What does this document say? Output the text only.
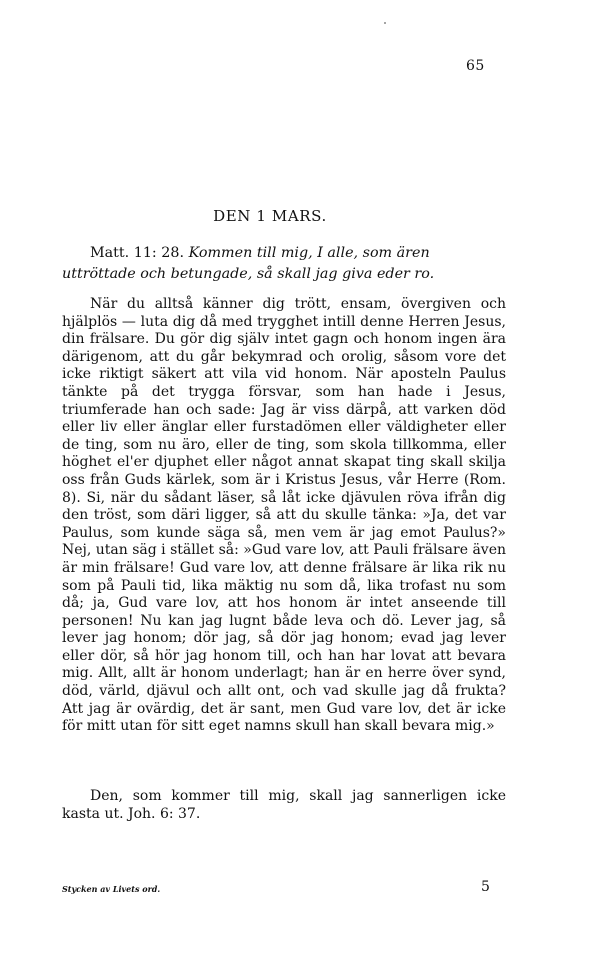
65
DEN 1 MARS.

Matt. 11: 28. Kommen till mig, I alle, som ären uttröttade och betungade, så skall jag giva eder ro.

När du alltså känner dig trött, ensam, övergiven och hjälplös — luta dig då med trygghet intill denne Herren Jesus, din frälsare. Du gör dig själv intet gagn och honom ingen ära därigenom, att du går bekymrad och orolig, såsom vore det icke riktigt säkert att vila vid honom. När aposteln Paulus tänkte på det trygga försvar, som han hade i Jesus, triumferade han och sade: Jag är viss därpå, att varken död eller liv eller änglar eller furstadömen eller väldigheter eller de ting, som nu äro, eller de ting, som skola tillkomma, eller höghet el'er djuphet eller något annat skapat ting skall skilja oss från Guds kärlek, som är i Kristus Jesus, vår Herre (Rom. 8). Si, när du sådant läser, så låt icke djävulen röva ifrån dig den tröst, som däri ligger, så att du skulle tänka: »Ja, det var Paulus, som kunde säga så, men vem är jag emot Paulus?» Nej, utan säg i stället så: »Gud vare lov, att Pauli frälsare även är min frälsare! Gud vare lov, att denne frälsare är lika rik nu som på Pauli tid, lika mäktig nu som då, lika trofast nu som då; ja, Gud vare lov, att hos honom är intet anseende till personen! Nu kan jag lugnt både leva och dö. Lever jag, så lever jag honom; dör jag, så dör jag honom; evad jag lever eller dör, så hör jag honom till, och han har lovat att bevara mig. Allt, allt är honom underlagt; han är en herre över synd, död, värld, djävul och allt ont, och vad skulle jag då frukta? Att jag är ovärdig, det är sant, men Gud vare lov, det är icke för mitt utan för sitt eget namns skull han skall bevara mig.»

Den, som kommer till mig, skall jag sannerligen icke kasta ut. Joh. 6: 37.

Stycken av Livets ord.	5
